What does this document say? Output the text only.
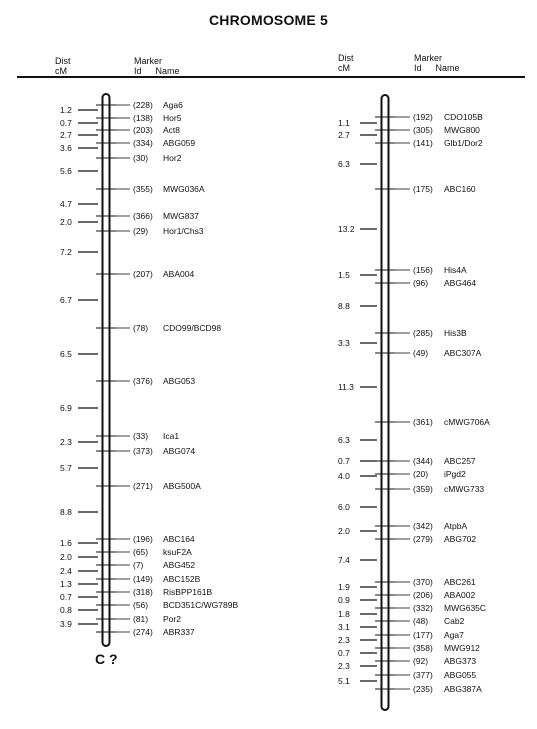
CHROMOSOME 5
Dist
cM
Marker
Id Name
Dist
cM
Marker
Id Name
1.2
0.7
2.7
3.6
5.6
4.7
2.0
7.2
6.7
6.5
6.9
2.3
5.7
8.8
1.6
2.0
2.4
1.3
0.7
0.8
3.9
(228) Aga6
(138) Hor5
(203) Act8
(334) ABG059
(30) Hor2
(355) MWG036A
(366) MWG837
(29) Hor1/Chs3
(207) ABA004
(78) CDO99/BCD98
(376) ABG053
(33) Ica1
(373) ABG074
(271) ABG500A
(196) ABC164
(65) ksuF2A
(7) ABG452
(149) ABC152B
(318) RisBPP161B
(56) BCD351C/WG789B
(81) Por2
(274) ABR337
1.1
2.7
6.3
13.2
1.5
8.8
3.3
11.3
6.3
0.7
4.0
6.0
2.0
7.4
1.9
0.9
1.8
3.1
2.3
0.7
2.3
5.1
(192) CDO105B
(305) MWG800
(141) Glb1/Dor2
(175) ABC160
(156) His4A
(96) ABG464
(285) His3B
(49) ABC307A
(361) cMWG706A
(344) ABC257
(20) iPgd2
(359) cMWG733
(342) AtpbA
(279) ABG702
(370) ABC261
(206) ABA002
(332) MWG635C
(48) Cab2
(177) Aga7
(358) MWG912
(92) ABG373
(377) ABG055
(235) ABG387A
C ?
